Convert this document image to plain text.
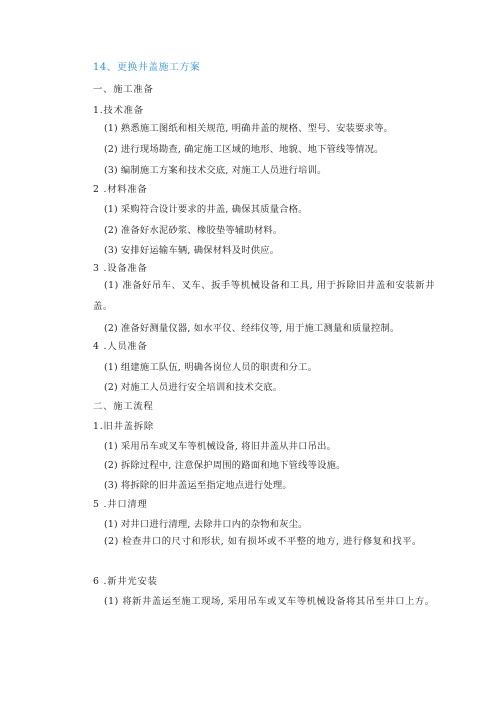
14、更换井盖施工方案
一、施工准备
1.技术准备
(1) 熟悉施工图纸和相关规范, 明确井盖的规格、型号、安装要求等。
(2) 进行现场勘查, 确定施工区域的地形、地貌、地下管线等情况。
(3) 编制施工方案和技术交底, 对施工人员进行培训。
2 .材料准备
(1) 采购符合设计要求的井盖, 确保其质量合格。
(2) 准备好水泥砂浆、橡胶垫等辅助材料。
(3) 安排好运输车辆, 确保材料及时供应。
3 .设备准备
(1) 准备好吊车、叉车、扳手等机械设备和工具, 用于拆除旧井盖和安装新井盖。
(2) 准备好测量仪器, 如水平仪、经纬仪等, 用于施工测量和质量控制。
4 .人员准备
(1) 组建施工队伍, 明确各岗位人员的职责和分工。
(2) 对施工人员进行安全培训和技术交底。
二、施工流程
1.旧井盖拆除
(1) 采用吊车或叉车等机械设备, 将旧井盖从井口吊出。
(2) 拆除过程中, 注意保护周围的路面和地下管线等设施。
(3) 将拆除的旧井盖运至指定地点进行处理。
5 .井口清理
(1) 对井口进行清理, 去除井口内的杂物和灰尘。
(2) 检查井口的尺寸和形状, 如有损坏或不平整的地方, 进行修复和找平。
6 .新井光安装
(1) 将新井盖运至施工现场, 采用吊车或叉车等机械设备将其吊至井口上方。
